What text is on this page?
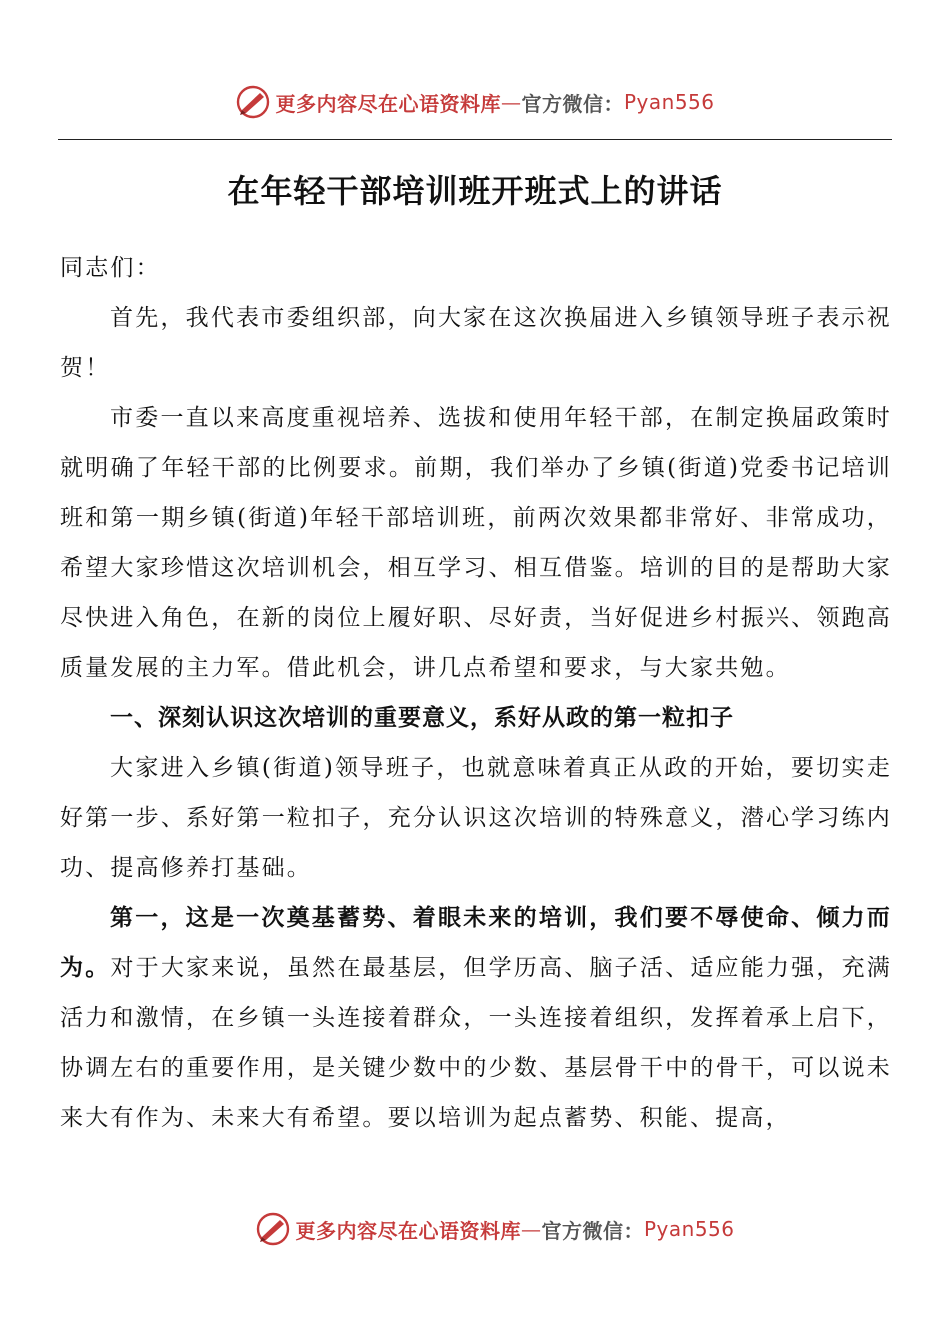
更多内容尽在心语资料库 — 官方微信： Pyan556
在年轻干部培训班开班式上的讲话

同志们：

首先，我代表市委组织部，向大家在这次换届进入乡镇领导班子表示祝贺！

市委一直以来高度重视培养、选拔和使用年轻干部，在制定换届政策时就明确了年轻干部的比例要求。前期，我们举办了乡镇(街道)党委书记培训班和第一期乡镇(街道)年轻干部培训班，前两次效果都非常好、非常成功，希望大家珍惜这次培训机会，相互学习、相互借鉴。培训的目的是帮助大家尽快进入角色，在新的岗位上履好职、尽好责，当好促进乡村振兴、领跑高质量发展的主力军。借此机会，讲几点希望和要求，与大家共勉。

一、深刻认识这次培训的重要意义，系好从政的第一粒扣子

大家进入乡镇(街道)领导班子，也就意味着真正从政的开始，要切实走好第一步、系好第一粒扣子，充分认识这次培训的特殊意义，潜心学习练内功、提高修养打基础。

第一，这是一次奠基蓄势、着眼未来的培训，我们要不辱使命、倾力而为。对于大家来说，虽然在最基层，但学历高、脑子活、适应能力强，充满活力和激情，在乡镇一头连接着群众，一头连接着组织，发挥着承上启下，协调左右的重要作用，是关键少数中的少数、基层骨干中的骨干，可以说未来大有作为、未来大有希望。要以培训为起点蓄势、积能、提高，

更多内容尽在心语资料库 — 官方微信： Pyan556
